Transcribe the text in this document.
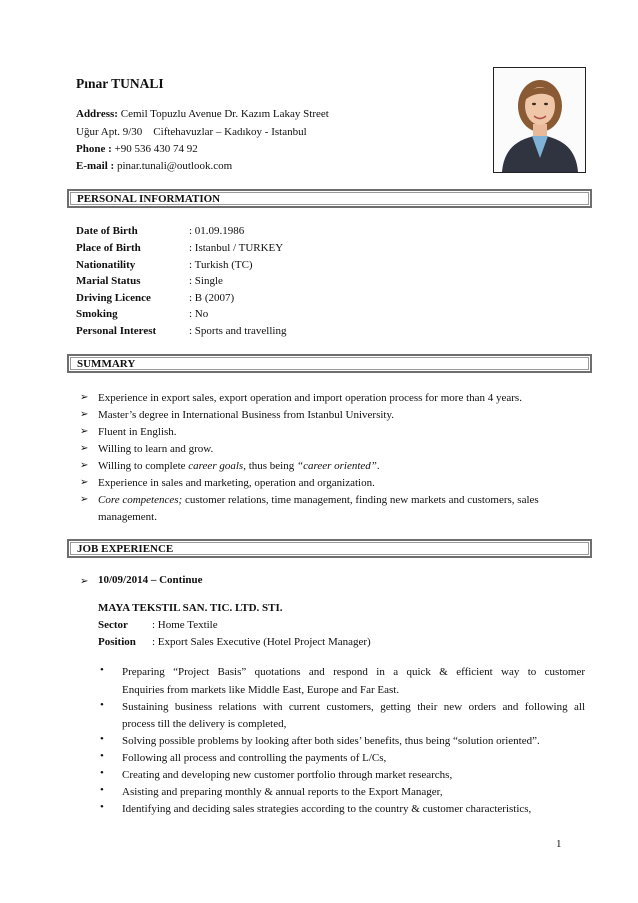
Pınar TUNALI
Address: Cemil Topuzlu Avenue Dr. Kazım Lakay Street
Uğur Apt. 9/30    Ciftehavuzlar – Kadıkoy - Istanbul
Phone : +90 536 430 74 92
E-mail : pinar.tunali@outlook.com
PERSONAL INFORMATION
Date of Birth	: 01.09.1986
Place of Birth	: Istanbul / TURKEY
Nationatility	: Turkish (TC)
Marial Status	: Single
Driving Licence	: B (2007)
Smoking	: No
Personal Interest	: Sports and travelling
SUMMARY
➢ Experience in export sales, export operation and import operation process for more than 4 years.
➢ Master’s degree in International Business from Istanbul University.
➢ Fluent in English.
➢ Willing to learn and grow.
➢ Willing to complete career goals, thus being “career oriented”.
➢ Experience in sales and marketing, operation and organization.
➢ Core competences; customer relations, time management, finding new markets and customers, sales
management.
JOB EXPERIENCE
➢ 10/09/2014 – Continue
MAYA TEKSTIL SAN. TIC. LTD. STI.
Sector : Home Textile
Position : Export Sales Executive (Hotel Project Manager)
• Preparing “Project Basis” quotations and respond in a quick & efficient way to customer
Enquiries from markets like Middle East, Europe and Far East.
• Sustaining business relations with current customers, getting their new orders and following all
process till the delivery is completed,
• Solving possible problems by looking after both sides’ benefits, thus being “solution oriented”.
• Following all process and controlling the payments of L/Cs,
• Creating and developing new customer portfolio through market researchs,
• Asisting and preparing monthly & annual reports to the Export Manager,
• Identifying and deciding sales strategies according to the country & customer characteristics,
1
